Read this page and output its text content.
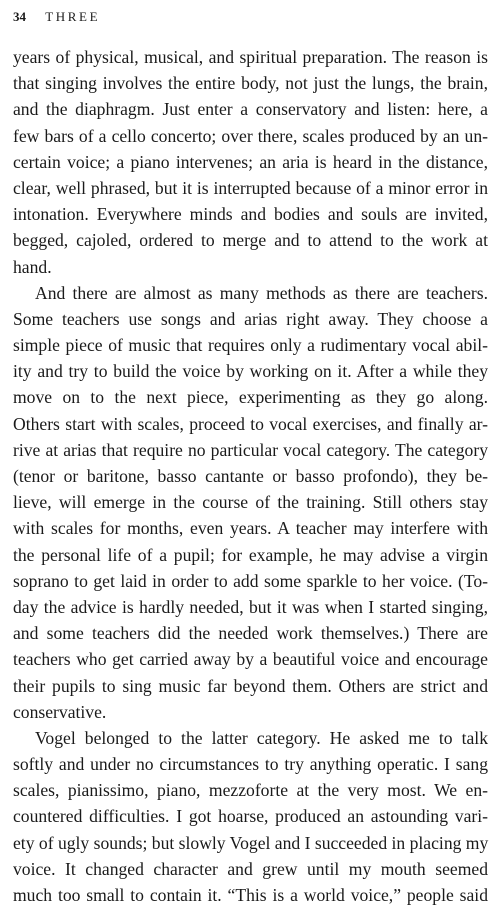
34 THREE
years of physical, musical, and spiritual preparation. The reason is
that singing involves the entire body, not just the lungs, the brain,
and the diaphragm. Just enter a conservatory and listen: here, a
few bars of a cello concerto; over there, scales produced by an un-
certain voice; a piano intervenes; an aria is heard in the distance,
clear, well phrased, but it is interrupted because of a minor error in
intonation. Everywhere minds and bodies and souls are invited,
begged, cajoled, ordered to merge and to attend to the work at
hand.
And there are almost as many methods as there are teachers.
Some teachers use songs and arias right away. They choose a
simple piece of music that requires only a rudimentary vocal abil-
ity and try to build the voice by working on it. After a while they
move on to the next piece, experimenting as they go along.
Others start with scales, proceed to vocal exercises, and finally ar-
rive at arias that require no particular vocal category. The category
(tenor or baritone, basso cantante or basso profondo), they be-
lieve, will emerge in the course of the training. Still others stay
with scales for months, even years. A teacher may interfere with
the personal life of a pupil; for example, he may advise a virgin
soprano to get laid in order to add some sparkle to her voice. (To-
day the advice is hardly needed, but it was when I started singing,
and some teachers did the needed work themselves.) There are
teachers who get carried away by a beautiful voice and encourage
their pupils to sing music far beyond them. Others are strict and
conservative.
Vogel belonged to the latter category. He asked me to talk
softly and under no circumstances to try anything operatic. I sang
scales, pianissimo, piano, mezzoforte at the very most. We en-
countered difficulties. I got hoarse, produced an astounding vari-
ety of ugly sounds; but slowly Vogel and I succeeded in placing my
voice. It changed character and grew until my mouth seemed
much too small to contain it. “This is a world voice,” people said
